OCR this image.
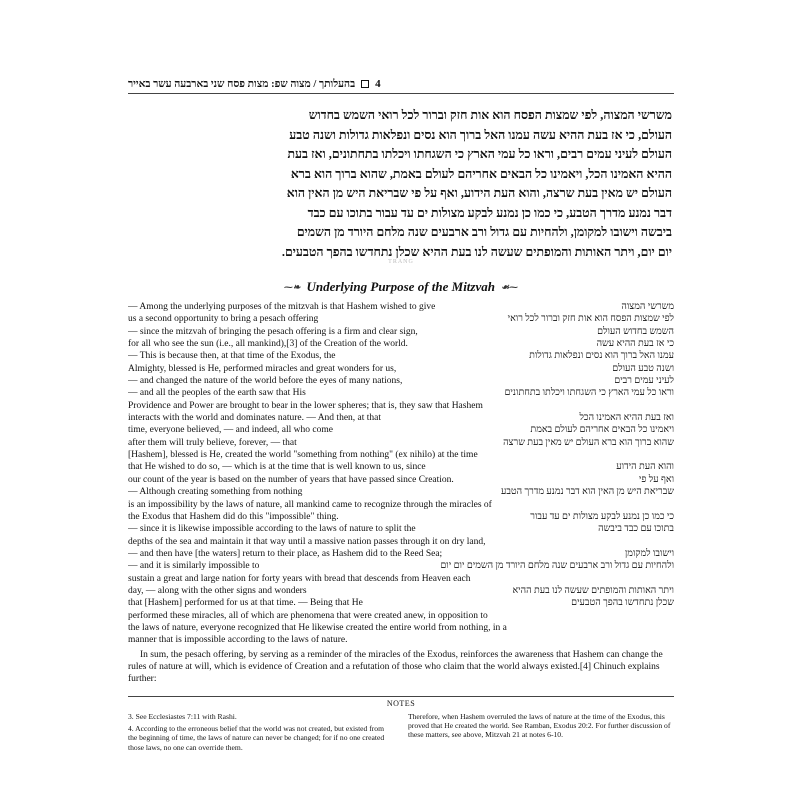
4
בהעלותך / מצוה שפ: מצות פסח שני בארבעה עשר באייר
משרשי המצוה, לפי שמצות הפסח הוא אות חזק וברור לכל רואי השמש בחדוש
העולם, כי אז בעת ההיא עשה עמנו האל ברוך הוא נסים ונפלאות גדולות ושנה טבע
העולם לעיני עמים רבים, וראו כל עמי הארץ כי השגחתו ויכלתו בתחתונים, ואז בעת
ההיא האמינו הכל, ויאמינו כל הבאים אחריהם לעולם באמת, שהוא ברוך הוא ברא
העולם יש מאין בעת שרצה, והוא העת הידוע, ואף על פי שבריאת היש מן האין הוא
דבר נמנע מדרך הטבע, כי כמו כן נמנע לבקע מצולות ים עד עבור בתוכו עם כבד
ביבשה וישובו למקומן, ולהחיות עם גדול ורב ארבעים שנה מלחם היורד מן השמים
יום יום, ויתר האותות והמופתים שעשה לנו בעת ההיא שכלן נתחדשו בהפך הטבעים.
TRANG
⁓❧ Underlying Purpose of the Mitzvah ☙⁓
— Among the underlying purposes of the mitzvah is that Hashem wished to give	משרשי המצוה
us a second opportunity to bring a pesach offering	לפי שמצות הפסח הוא אות חזק וברור לכל רואי
— since the mitzvah of bringing the pesach offering is a firm and clear sign,	השמש בחדוש העולם
for all who see the sun (i.e., all mankind),[3] of the Creation of the world.	כי אז בעת ההיא עשה
— This is because then, at that time of the Exodus, the	עמנו האל ברוך הוא נסים ונפלאות גדולות
Almighty, blessed is He, performed miracles and great wonders for us,	ושנה טבע העולם
— and changed the nature of the world before the eyes of many nations,	לעיני עמים רבים
— and all the peoples of the earth saw that His	וראו כל עמי הארץ כי השגחתו ויכלתו בתחתונים
Providence and Power are brought to bear in the lower spheres; that is, they saw that Hashem
interacts with the world and dominates nature. — And then, at that	ואז בעת ההיא האמינו הכל
time, everyone believed, — and indeed, all who come	ויאמינו כל הבאים אחריהם לעולם באמת
after them will truly believe, forever, — that	שהוא ברוך הוא ברא העולם יש מאין בעת שרצה
[Hashem], blessed is He, created the world "something from nothing" (ex nihilo) at the time
that He wished to do so, — which is at the time that is well known to us, since	והוא העת הידוע
our count of the year is based on the number of years that have passed since Creation.	ואף על פי
— Although creating something from nothing	שבריאת היש מן האין הוא דבר נמנע מדרך הטבע
is an impossibility by the laws of nature, all mankind came to recognize through the miracles of
the Exodus that Hashem did do this "impossible" thing.	כי כמו כן נמנע לבקע מצולות ים עד עבור
— since it is likewise impossible according to the laws of nature to split the	בתוכו עם כבד ביבשה
depths of the sea and maintain it that way until a massive nation passes through it on dry land,
— and then have [the waters] return to their place, as Hashem did to the Reed Sea;	וישובו למקומן
— and it is similarly impossible to	ולהחיות עם גדול ורב ארבעים שנה מלחם היורד מן השמים יום יום
sustain a great and large nation for forty years with bread that descends from Heaven each
day, — along with the other signs and wonders	ויתר האותות והמופתים שעשה לנו בעת ההיא
that [Hashem] performed for us at that time. — Being that He	שכלן נתחדשו בהפך הטבעים
performed these miracles, all of which are phenomena that were created anew, in opposition to
the laws of nature, everyone recognized that He likewise created the entire world from nothing, in a
manner that is impossible according to the laws of nature.
In sum, the pesach offering, by serving as a reminder of the miracles of the Exodus, reinforces the awareness that Hashem can change the rules of nature at will, which is evidence of Creation and a refutation of those who claim that the world always existed.[4] Chinuch explains further:
NOTES

3. See Ecclesiastes 7:11 with Rashi.

4. According to the erroneous belief that the world was not created, but existed from the beginning of time, the laws of nature can never be changed; for if no one created those laws, no one can override them.

Therefore, when Hashem overruled the laws of nature at the time of the Exodus, this proved that He created the world. See Ramban, Exodus 20:2. For further discussion of these matters, see above, Mitzvah 21 at notes 6-10.
